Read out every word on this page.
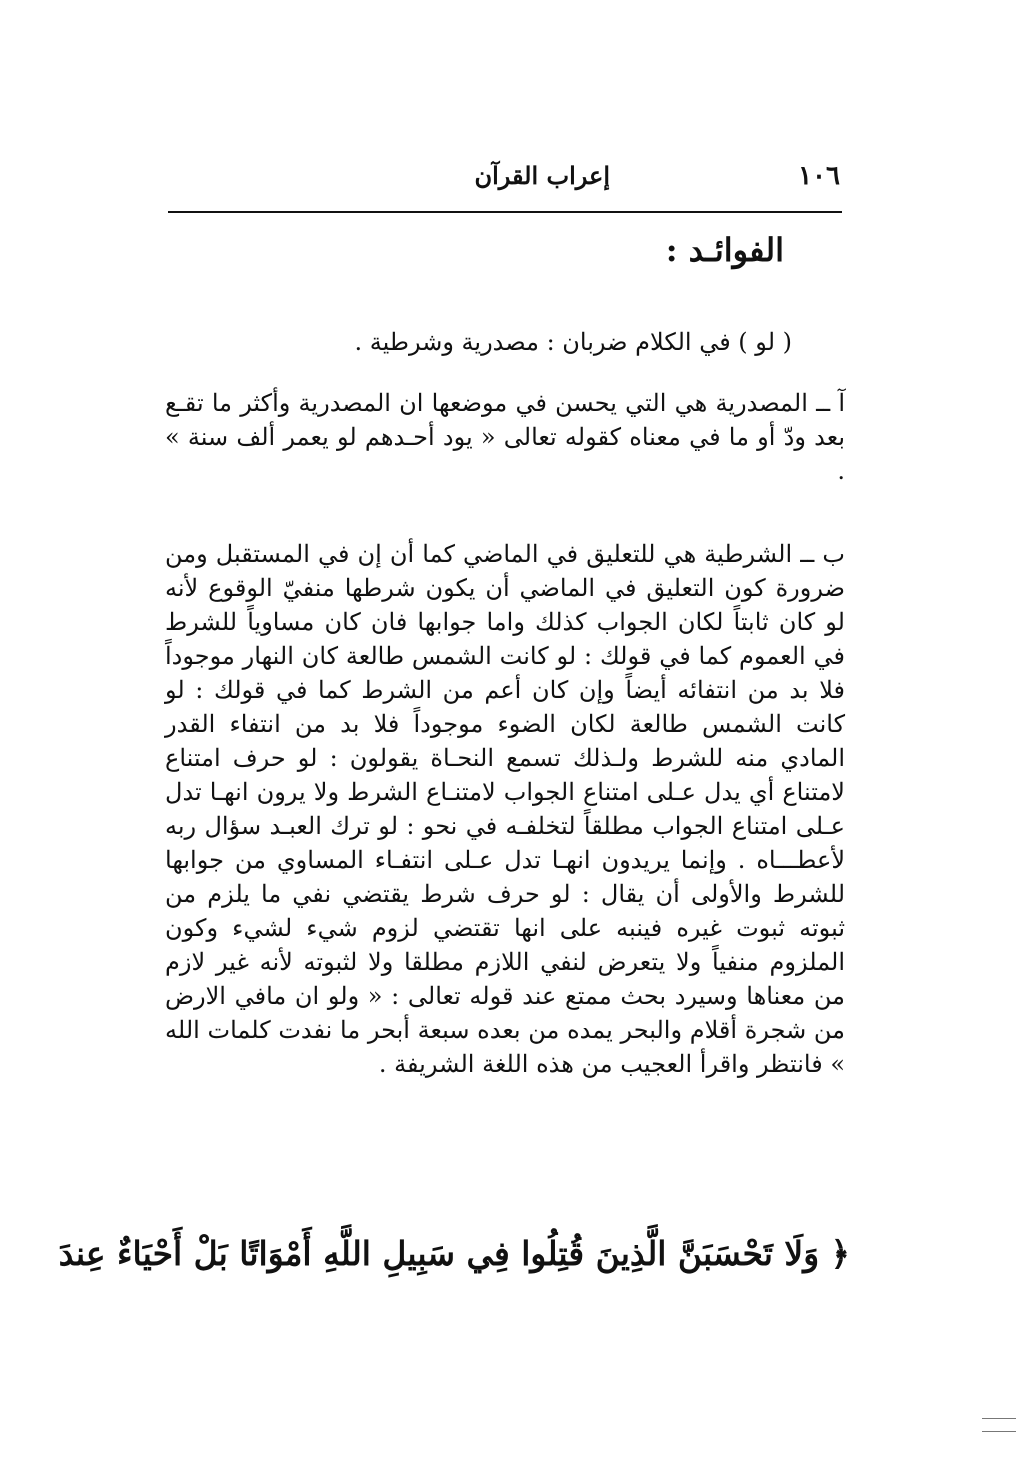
١٠٦
إعراب القرآن
الفوائـد :
( لو ) في الكلام ضربان : مصدرية وشرطية .

آ ــ المصدرية هي التي يحسن في موضعها ان المصدرية وأكثر ما تقـع بعد ودّ أو ما في معناه كقوله تعالى « يود أحـدهم لو يعمر ألف سنة » .

ب ــ الشرطية هي للتعليق في الماضي كما أن إن في المستقبل ومن ضرورة كون التعليق في الماضي أن يكون شرطها منفيّ الوقوع لأنه لو كان ثابتاً لكان الجواب كذلك واما جوابها فان كان مساوياً للشرط في العموم كما في قولك : لو كانت الشمس طالعة كان النهار موجوداً فلا بد من انتفائه أيضاً وإن كان أعم من الشرط كما في قولك : لو كانت الشمس طالعة لكان الضوء موجوداً فلا بد من انتفاء القدر المادي منه للشرط ولـذلك تسمع النحـاة يقولون : لو حرف امتناع لامتناع أي يدل عـلى امتناع الجواب لامتنـاع الشرط ولا يرون انهـا تدل عـلى امتناع الجواب مطلقاً لتخلفـه في نحو : لو ترك العبـد سؤال ربه لأعطـــاه . وإنما يريدون انهـا تدل عـلى انتفـاء المساوي من جوابها للشرط والأولى أن يقال : لو حرف شرط يقتضي نفي ما يلزم من ثبوته ثبوت غيره فينبه على انها تقتضي لزوم شيء لشيء وكون الملزوم منفياً ولا يتعرض لنفي اللازم مطلقا ولا لثبوته لأنه غير لازم من معناها وسيرد بحث ممتع عند قوله تعالى : « ولو ان مافي الارض من شجرة أقلام والبحر يمده من بعده سبعة أبحر ما نفدت كلمات الله » فانتظر واقرأ العجيب من هذه اللغة الشريفة .

﴿ وَلَا تَحْسَبَنَّ الَّذِينَ قُتِلُوا فِي سَبِيلِ اللَّهِ أَمْوَاتًا بَلْ أَحْيَاءٌ عِندَ
